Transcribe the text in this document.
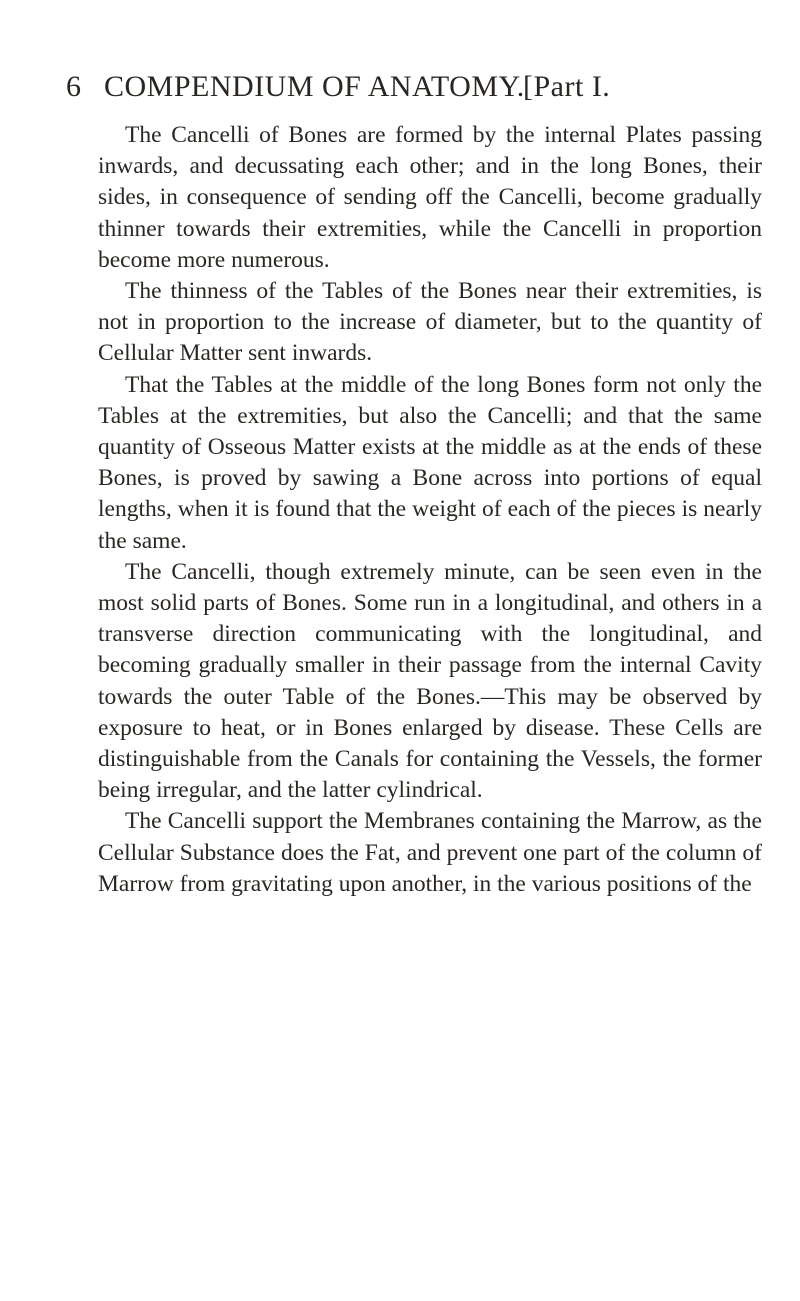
6 COMPENDIUM OF ANATOMY.
[Part I.

The Cancelli of Bones are formed by the internal Plates passing inwards, and decussating each other; and in the long Bones, their sides, in consequence of sending off the Cancelli, become gradually thinner towards their extremities, while the Cancelli in proportion become more numerous.

The thinness of the Tables of the Bones near their extremities, is not in proportion to the increase of diameter, but to the quantity of Cellular Matter sent inwards.

That the Tables at the middle of the long Bones form not only the Tables at the extremities, but also the Cancelli; and that the same quantity of Osseous Matter exists at the middle as at the ends of these Bones, is proved by sawing a Bone across into portions of equal lengths, when it is found that the weight of each of the pieces is nearly the same.

The Cancelli, though extremely minute, can be seen even in the most solid parts of Bones. Some run in a longitudinal, and others in a transverse direction communicating with the longitudinal, and becoming gradually smaller in their passage from the internal Cavity towards the outer Table of the Bones.—This may be observed by exposure to heat, or in Bones enlarged by disease. These Cells are distinguishable from the Canals for containing the Vessels, the former being irregular, and the latter cylindrical.

The Cancelli support the Membranes containing the Marrow, as the Cellular Substance does the Fat, and prevent one part of the column of Marrow from gravitating upon another, in the various positions of the
